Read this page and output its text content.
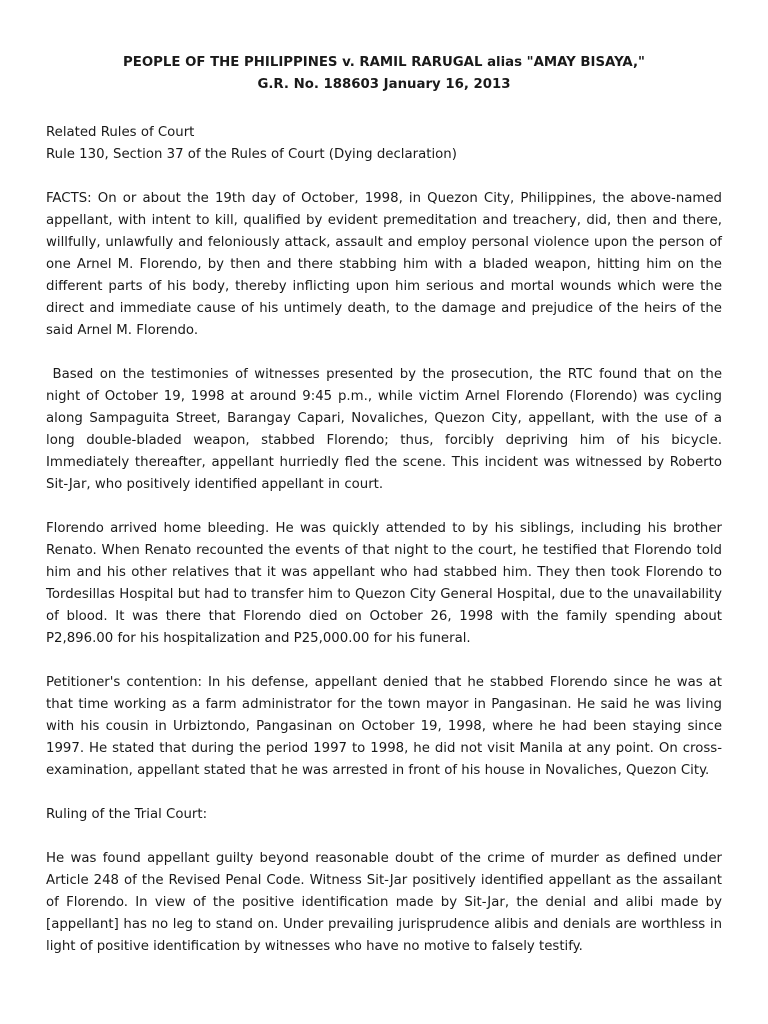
PEOPLE OF THE PHILIPPINES v. RAMIL RARUGAL alias "AMAY BISAYA,"
G.R. No. 188603 January 16, 2013

Related Rules of Court

Rule 130, Section 37 of the Rules of Court (Dying declaration)

FACTS: On or about the 19th day of October, 1998, in Quezon City, Philippines, the above-named appellant, with intent to kill, qualified by evident premeditation and treachery, did, then and there, willfully, unlawfully and feloniously attack, assault and employ personal violence upon the person of one Arnel M. Florendo, by then and there stabbing him with a bladed weapon, hitting him on the different parts of his body, thereby inflicting upon him serious and mortal wounds which were the direct and immediate cause of his untimely death, to the damage and prejudice of the heirs of the said Arnel M. Florendo.

Based on the testimonies of witnesses presented by the prosecution, the RTC found that on the night of October 19, 1998 at around 9:45 p.m., while victim Arnel Florendo (Florendo) was cycling along Sampaguita Street, Barangay Capari, Novaliches, Quezon City, appellant, with the use of a long double-bladed weapon, stabbed Florendo; thus, forcibly depriving him of his bicycle. Immediately thereafter, appellant hurriedly fled the scene. This incident was witnessed by Roberto Sit-Jar, who positively identified appellant in court.

Florendo arrived home bleeding. He was quickly attended to by his siblings, including his brother Renato. When Renato recounted the events of that night to the court, he testified that Florendo told him and his other relatives that it was appellant who had stabbed him. They then took Florendo to Tordesillas Hospital but had to transfer him to Quezon City General Hospital, due to the unavailability of blood. It was there that Florendo died on October 26, 1998 with the family spending about P2,896.00 for his hospitalization and P25,000.00 for his funeral.

Petitioner's contention: In his defense, appellant denied that he stabbed Florendo since he was at that time working as a farm administrator for the town mayor in Pangasinan. He said he was living with his cousin in Urbiztondo, Pangasinan on October 19, 1998, where he had been staying since 1997. He stated that during the period 1997 to 1998, he did not visit Manila at any point. On cross-examination, appellant stated that he was arrested in front of his house in Novaliches, Quezon City.

Ruling of the Trial Court:

He was found appellant guilty beyond reasonable doubt of the crime of murder as defined under Article 248 of the Revised Penal Code. Witness Sit-Jar positively identified appellant as the assailant of Florendo. In view of the positive identification made by Sit-Jar, the denial and alibi made by [appellant] has no leg to stand on. Under prevailing jurisprudence alibis and denials are worthless in light of positive identification by witnesses who have no motive to falsely testify.
